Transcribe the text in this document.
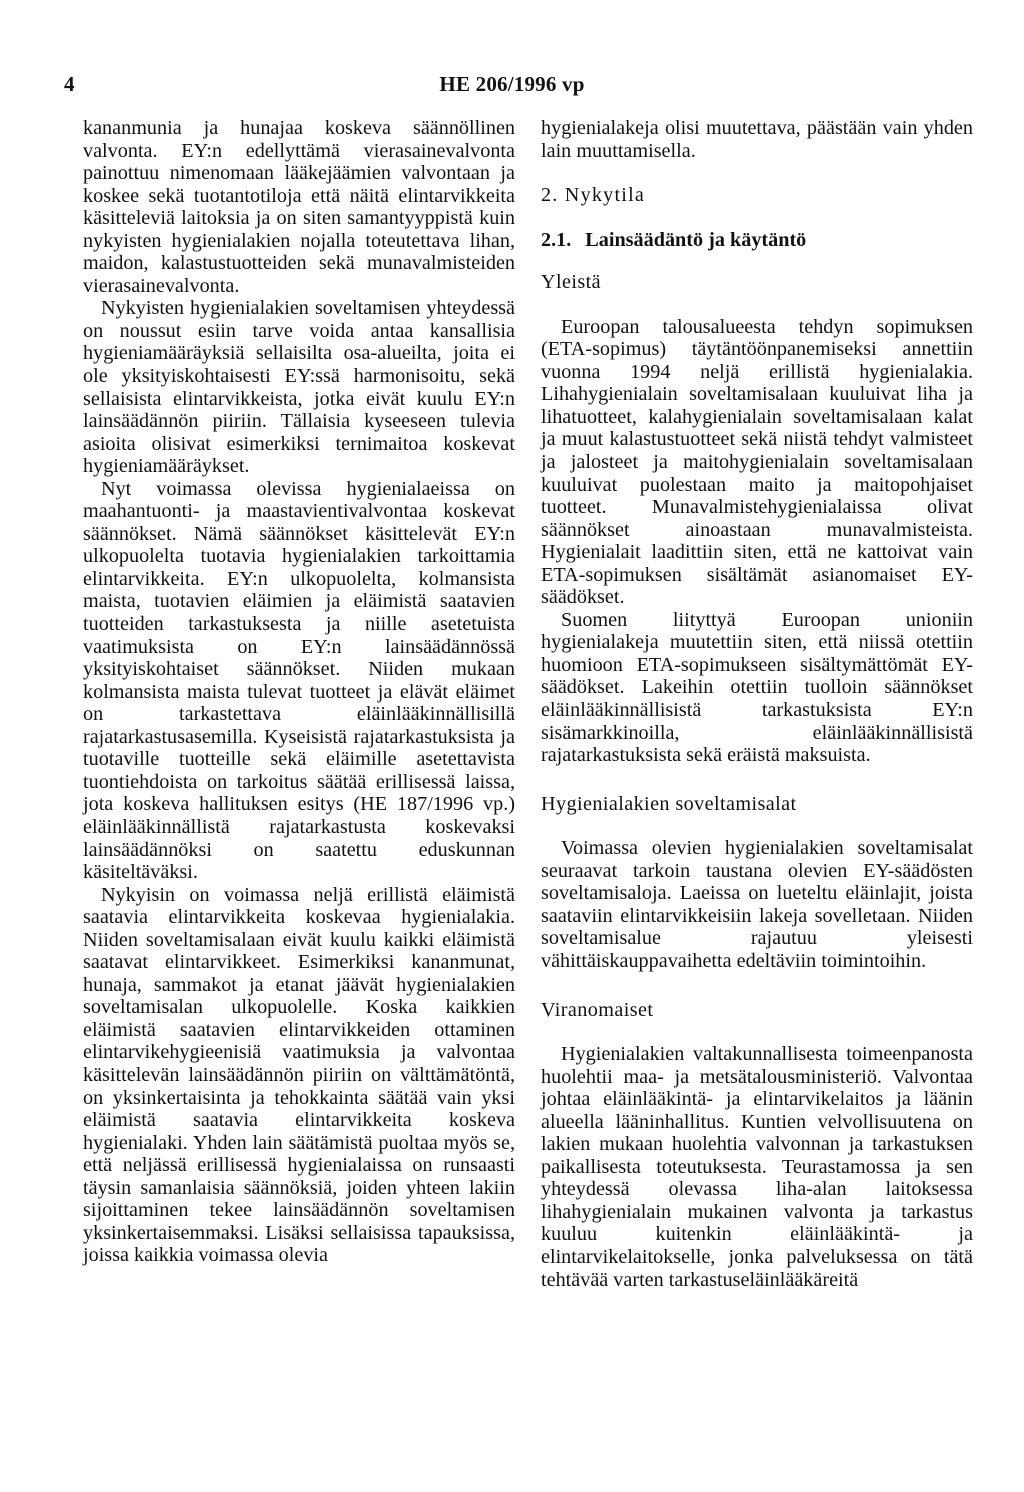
4	HE 206/1996 vp

kananmunia ja hunajaa koskeva säännöllinen valvonta. EY:n edellyttämä vierasainevalvonta painottuu nimenomaan lääkejäämien valvontaan ja koskee sekä tuotantotiloja että näitä elintarvikkeita käsitteleviä laitoksia ja on siten samantyyppistä kuin nykyisten hygienialakien nojalla toteutettava lihan, maidon, kalastustuotteiden sekä munavalmisteiden vierasainevalvonta.

Nykyisten hygienialakien soveltamisen yhteydessä on noussut esiin tarve voida antaa kansallisia hygieniamääräyksiä sellaisilta osa-alueilta, joita ei ole yksityiskohtaisesti EY:ssä harmonisoitu, sekä sellaisista elintarvikkeista, jotka eivät kuulu EY:n lainsäädännön piiriin. Tällaisia kyseeseen tulevia asioita olisivat esimerkiksi ternimaitoa koskevat hygieniamääräykset.

Nyt voimassa olevissa hygienialaeissa on maahantuonti- ja maastavientivalvontaa koskevat säännökset. Nämä säännökset käsittelevät EY:n ulkopuolelta tuotavia hygienialakien tarkoittamia elintarvikkeita. EY:n ulkopuolelta, kolmansista maista, tuotavien eläimien ja eläimistä saatavien tuotteiden tarkastuksesta ja niille asetetuista vaatimuksista on EY:n lainsäädännössä yksityiskohtaiset säännökset. Niiden mukaan kolmansista maista tulevat tuotteet ja elävät eläimet on tarkastettava eläinlääkinnällisillä rajatarkastusasemilla. Kyseisistä rajatarkastuksista ja tuotaville tuotteille sekä eläimille asetettavista tuontiehdoista on tarkoitus säätää erillisessä laissa, jota koskeva hallituksen esitys (HE 187/1996 vp.) eläinlääkinnällistä rajatarkastusta koskevaksi lainsäädännöksi on saatettu eduskunnan käsiteltäväksi.

Nykyisin on voimassa neljä erillistä eläimistä saatavia elintarvikkeita koskevaa hygienialakia. Niiden soveltamisalaan eivät kuulu kaikki eläimistä saatavat elintarvikkeet. Esimerkiksi kananmunat, hunaja, sammakot ja etanat jäävät hygienialakien soveltamisalan ulkopuolelle. Koska kaikkien eläimistä saatavien elintarvikkeiden ottaminen elintarvikehygieenisiä vaatimuksia ja valvontaa käsittelevän lainsäädännön piiriin on välttämätöntä, on yksinkertaisinta ja tehokkainta säätää vain yksi eläimistä saatavia elintarvikkeita koskeva hygienialaki. Yhden lain säätämistä puoltaa myös se, että neljässä erillisessä hygienialaissa on runsaasti täysin samanlaisia säännöksiä, joiden yhteen lakiin sijoittaminen tekee lainsäädännön soveltamisen yksinkertaisemmaksi. Lisäksi sellaisissa tapauksissa, joissa kaikkia voimassa olevia

hygienialakeja olisi muutettava, päästään vain yhden lain muuttamisella.

2. Nykytila
2.1. Lainsäädäntö ja käytäntö
Yleistä

Euroopan talousalueesta tehdyn sopimuksen (ETA-sopimus) täytäntöönpanemiseksi annettiin vuonna 1994 neljä erillistä hygienialakia. Lihahygienialain soveltamisalaan kuuluivat liha ja lihatuotteet, kalahygienialain soveltamisalaan kalat ja muut kalastustuotteet sekä niistä tehdyt valmisteet ja jalosteet ja maitohygienialain soveltamisalaan kuuluivat puolestaan maito ja maitopohjaiset tuotteet. Munavalmistehygienialaissa olivat säännökset ainoastaan munavalmisteista. Hygienialait laadittiin siten, että ne kattoivat vain ETA-sopimuksen sisältämät asianomaiset EY-säädökset.

Suomen liityttyä Euroopan unioniin hygienialakeja muutettiin siten, että niissä otettiin huomioon ETA-sopimukseen sisältymättömät EY-säädökset. Lakeihin otettiin tuolloin säännökset eläinlääkinnällisistä tarkastuksista EY:n sisämarkkinoilla, eläinlääkinnällisistä rajatarkastuksista sekä eräistä maksuista.

Hygienialakien soveltamisalat

Voimassa olevien hygienialakien soveltamisalat seuraavat tarkoin taustana olevien EY-säädösten soveltamisaloja. Laeissa on lueteltu eläinlajit, joista saataviin elintarvikkeisiin lakeja sovelletaan. Niiden soveltamisalue rajautuu yleisesti vähittäiskauppavaihetta edeltäviin toimintoihin.

Viranomaiset

Hygienialakien valtakunnallisesta toimeenpanosta huolehtii maa- ja metsätalousministeriö. Valvontaa johtaa eläinlääkintä- ja elintarvikelaitos ja läänin alueella lääninhallitus. Kuntien velvollisuutena on lakien mukaan huolehtia valvonnan ja tarkastuksen paikallisesta toteutuksesta. Teurastamossa ja sen yhteydessä olevassa liha-alan laitoksessa lihahygienialain mukainen valvonta ja tarkastus kuuluu kuitenkin eläinlääkintä- ja elintarvikelaitokselle, jonka palveluksessa on tätä tehtävää varten tarkastuseläinlääkäreitä
